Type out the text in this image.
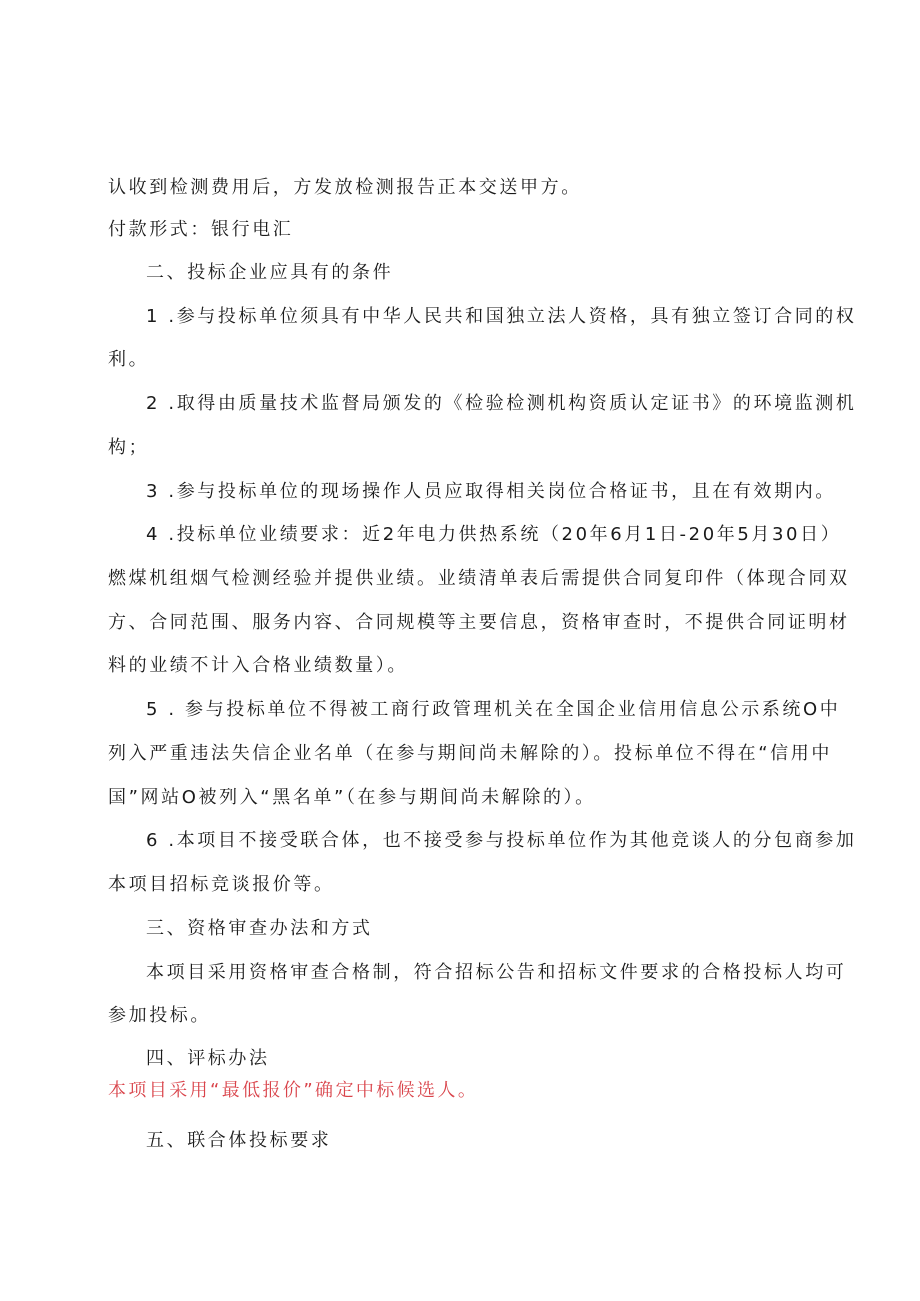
认收到检测费用后，方发放检测报告正本交送甲方。
付款形式：银行电汇
二、投标企业应具有的条件
1 .参与投标单位须具有中华人民共和国独立法人资格，具有独立签订合同的权
利。
2 .取得由质量技术监督局颁发的《检验检测机构资质认定证书》的环境监测机
构；
3 .参与投标单位的现场操作人员应取得相关岗位合格证书，且在有效期内。
4 .投标单位业绩要求：近2年电力供热系统（20年6月1日-20年5月30日）
燃煤机组烟气检测经验并提供业绩。业绩清单表后需提供合同复印件（体现合同双
方、合同范围、服务内容、合同规模等主要信息，资格审查时，不提供合同证明材
料的业绩不计入合格业绩数量）。
5 . 参与投标单位不得被工商行政管理机关在全国企业信用信息公示系统O中
列入严重违法失信企业名单（在参与期间尚未解除的）。投标单位不得在“信用中
国”网站O被列入“黑名单”（在参与期间尚未解除的）。
6 .本项目不接受联合体，也不接受参与投标单位作为其他竞谈人的分包商参加
本项目招标竞谈报价等。
三、资格审查办法和方式
本项目采用资格审查合格制，符合招标公告和招标文件要求的合格投标人均可
参加投标。
四、评标办法
本项目采用“最低报价”确定中标候选人。
五、联合体投标要求
